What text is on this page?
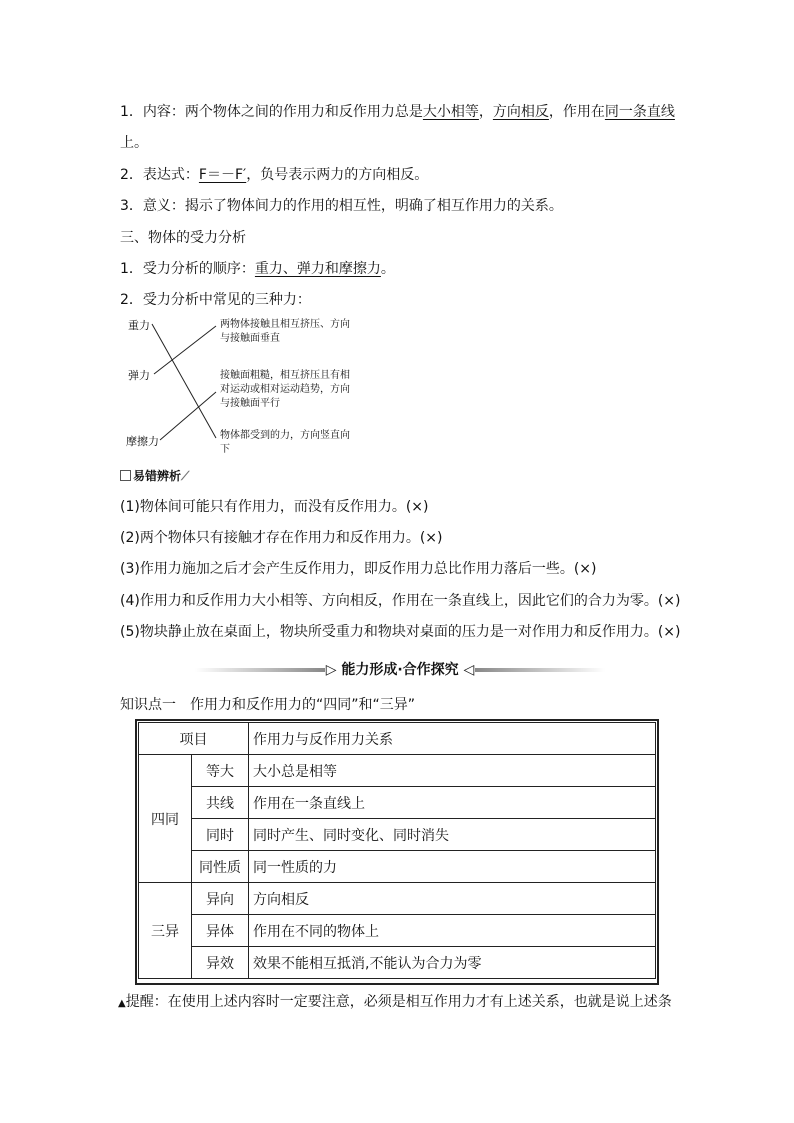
1．内容：两个物体之间的作用力和反作用力总是大小相等，方向相反，作用在同一条直线
上。
2．表达式：F＝－F′，负号表示两力的方向相反。
3．意义：揭示了物体间力的作用的相互性，明确了相互作用力的关系。
三、物体的受力分析
1．受力分析的顺序：重力、弹力和摩擦力。
2．受力分析中常见的三种力：
重力
弹力
摩擦力
两物体接触且相互挤压、方向
与接触面垂直
接触面粗糙，相互挤压且有相
对运动或相对运动趋势，方向
与接触面平行
物体都受到的力，方向竖直向
下
易错辨析⟋
(1)物体间可能只有作用力，而没有反作用力。(×)
(2)两个物体只有接触才存在作用力和反作用力。(×)
(3)作用力施加之后才会产生反作用力，即反作用力总比作用力落后一些。(×)
(4)作用力和反作用力大小相等、方向相反，作用在一条直线上，因此它们的合力为零。(×)
(5)物块静止放在桌面上，物块所受重力和物块对桌面的压力是一对作用力和反作用力。(×)
▷ 能力形成·合作探究 ◁
知识点一　作用力和反作用力的“四同”和“三异”
项目		作用力与反作用力关系
四同	等大	大小总是相等
	共线	作用在一条直线上
	同时	同时产生、同时变化、同时消失
	同性质	同一性质的力
三异	异向	方向相反
	异体	作用在不同的物体上
	异效	效果不能相互抵消,不能认为合力为零
▲提醒：在使用上述内容时一定要注意，必须是相互作用力才有上述关系，也就是说上述条
